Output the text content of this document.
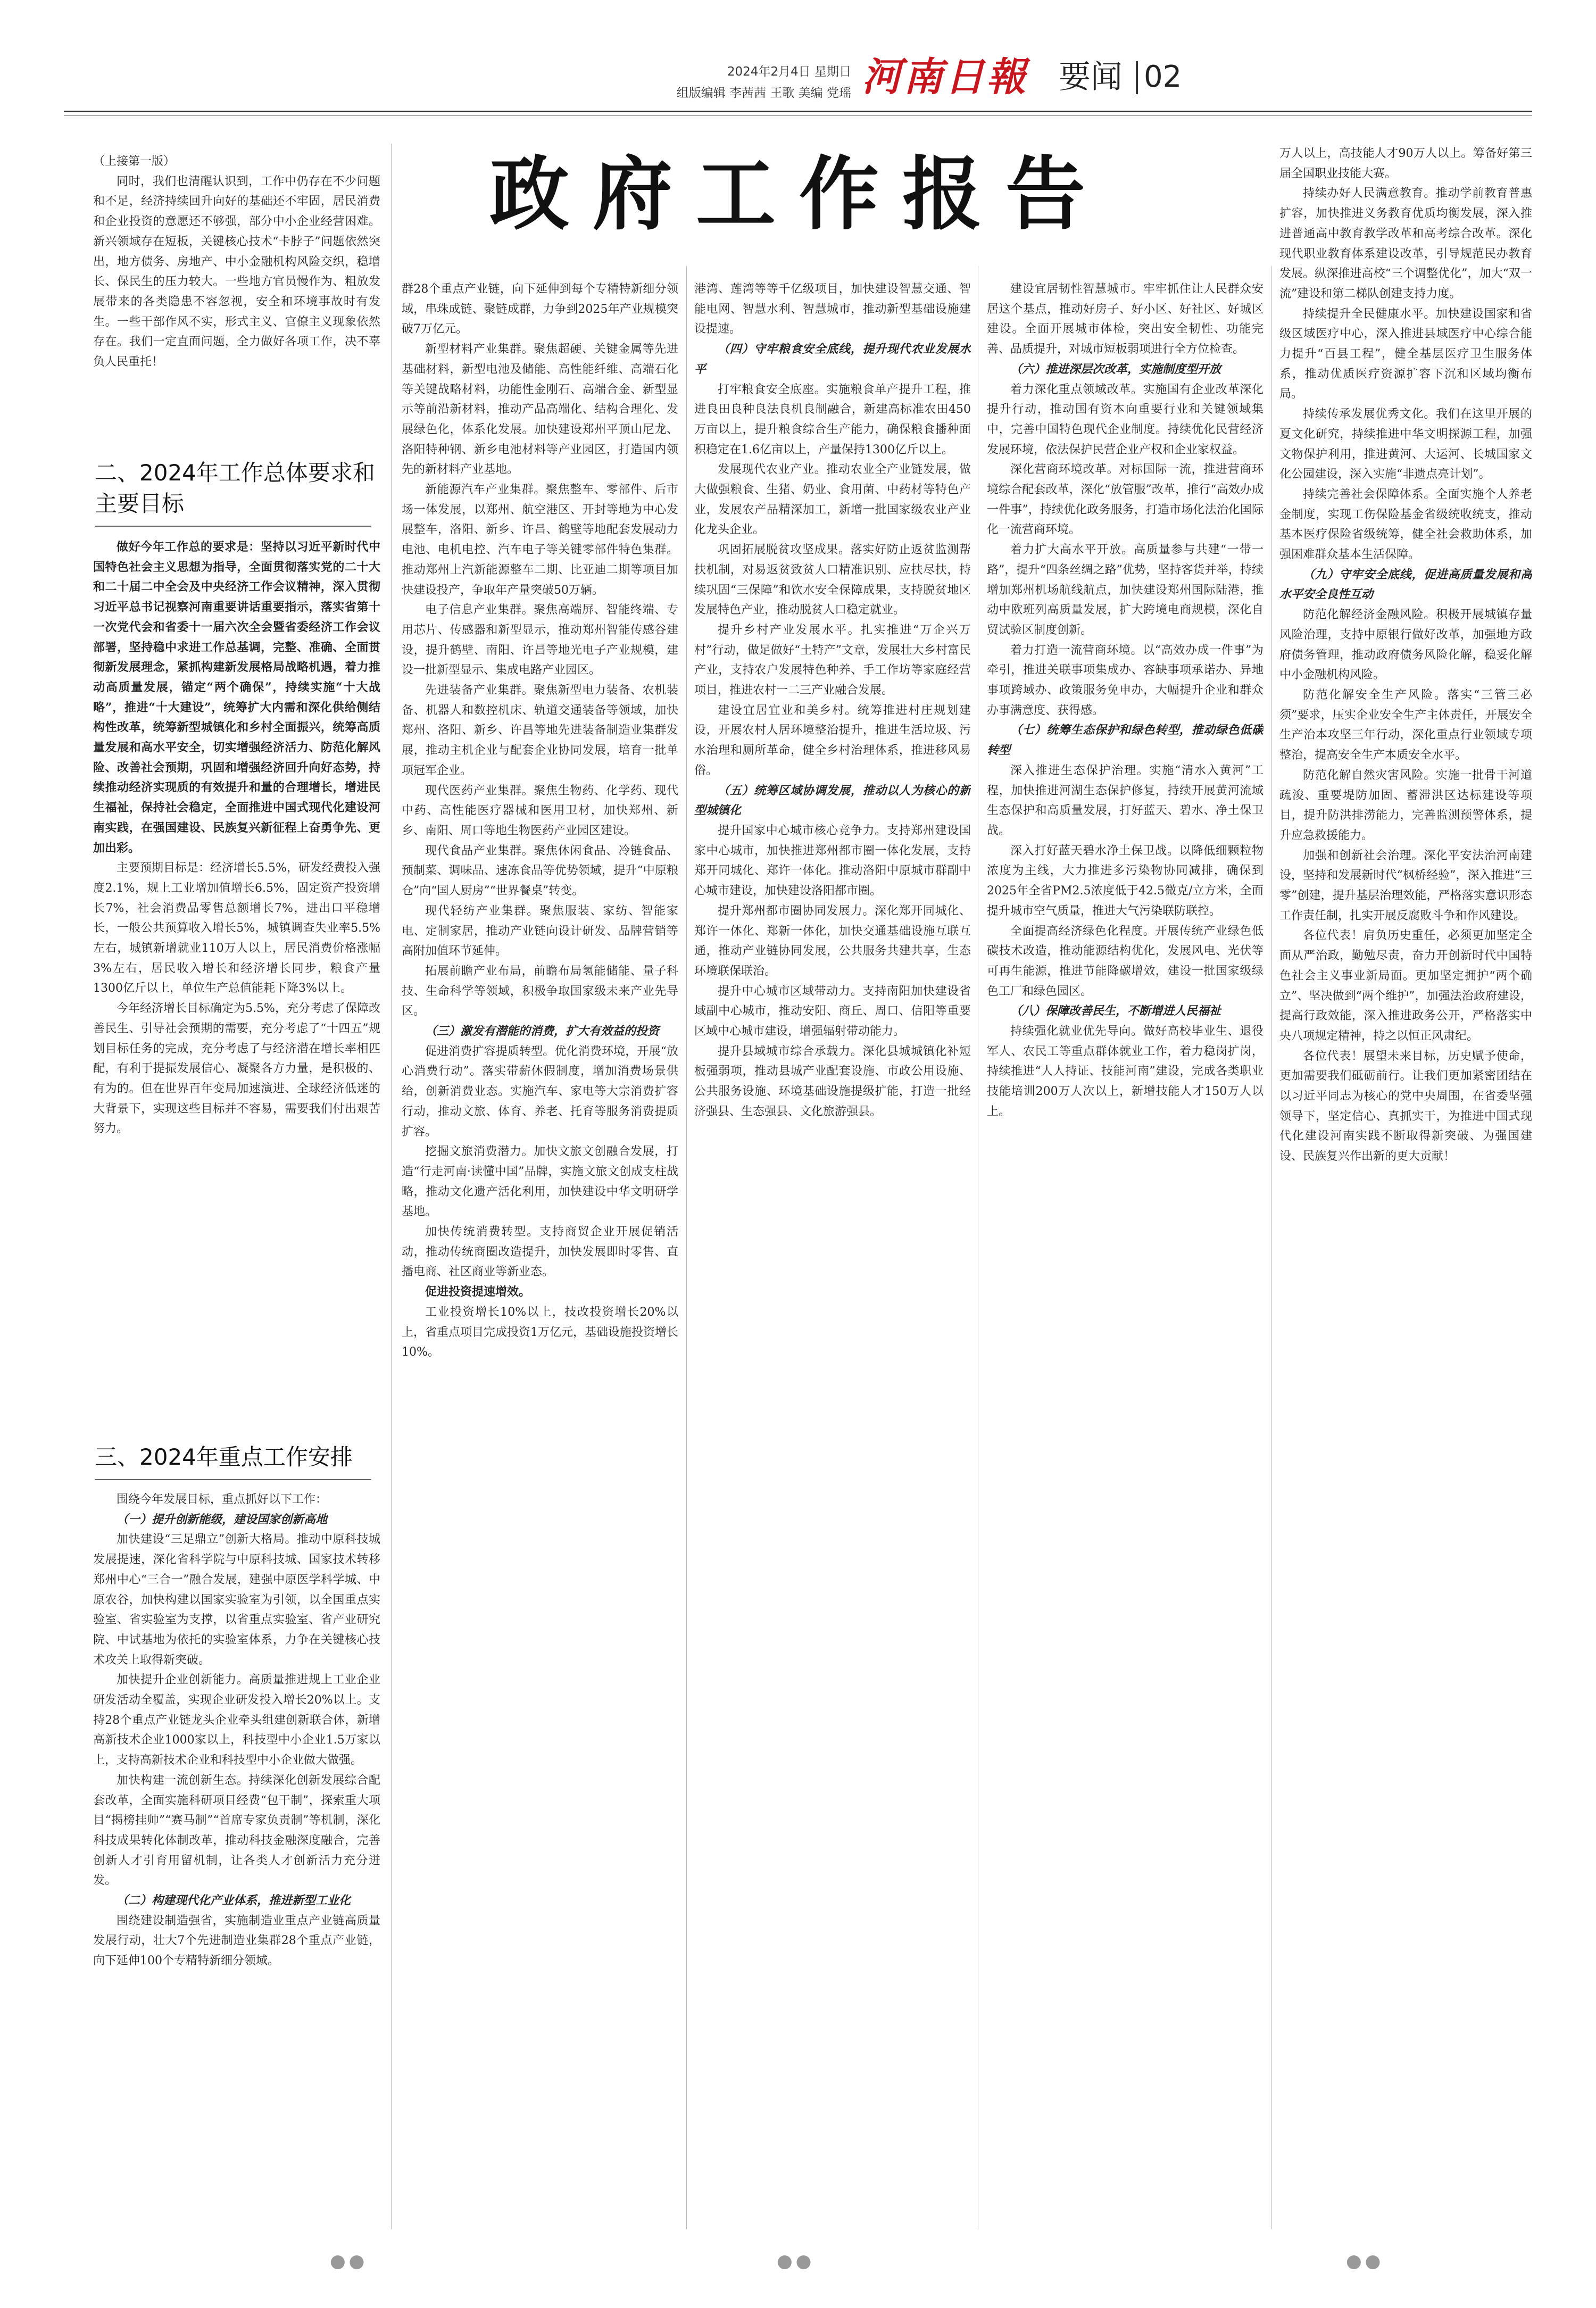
2024年2月4日 星期日
组版编辑 李茜茜 王歌 美编 党瑶 河南日報 要闻 02
政府工作报告

（上接第一版）

同时，我们也清醒认识到，工作中仍存在不少问题和不足，经济持续回升向好的基础还不牢固，居民消费和企业投资的意愿还不够强，部分中小企业经营困难。新兴领域存在短板，关键核心技术“卡脖子”问题依然突出，地方债务、房地产、中小金融机构风险交织，稳增长、保民生的压力较大。一些地方官员慢作为、粗放发展带来的各类隐患不容忽视，安全和环境事故时有发生。一些干部作风不实，形式主义、官僚主义现象依然存在。我们一定直面问题，全力做好各项工作，决不辜负人民重托！

二、2024年工作总体要求和主要目标

做好今年工作总的要求是：坚持以习近平新时代中国特色社会主义思想为指导，全面贯彻落实党的二十大和二十届二中全会及中央经济工作会议精神，深入贯彻习近平总书记视察河南重要讲话重要指示，落实省第十一次党代会和省委十一届六次全会暨省委经济工作会议部署，坚持稳中求进工作总基调，完整、准确、全面贯彻新发展理念，紧抓构建新发展格局战略机遇，着力推动高质量发展，锚定“两个确保”，持续实施“十大战略”，推进“十大建设”，统筹扩大内需和深化供给侧结构性改革，统筹新型城镇化和乡村全面振兴，统筹高质量发展和高水平安全，切实增强经济活力、防范化解风险、改善社会预期，巩固和增强经济回升向好态势，持续推动经济实现质的有效提升和量的合理增长，增进民生福祉，保持社会稳定，全面推进中国式现代化建设河南实践，在强国建设、民族复兴新征程上奋勇争先、更加出彩。

主要预期目标是：经济增长5.5%，研发经费投入强度2.1%，规上工业增加值增长6.5%，固定资产投资增长7%，社会消费品零售总额增长7%，进出口平稳增长，一般公共预算收入增长5%，城镇调查失业率5.5%左右，城镇新增就业110万人以上，居民消费价格涨幅3%左右，居民收入增长和经济增长同步，粮食产量1300亿斤以上，单位生产总值能耗下降3%以上。

今年经济增长目标确定为5.5%，充分考虑了保障改善民生、引导社会预期的需要，充分考虑了“十四五”规划目标任务的完成，充分考虑了与经济潜在增长率相匹配，有利于提振发展信心、凝聚各方力量，是积极的、有为的。但在世界百年变局加速演进、全球经济低迷的大背景下，实现这些目标并不容易，需要我们付出艰苦努力。

三、2024年重点工作安排

围绕今年发展目标，重点抓好以下工作：

（一）提升创新能级，建设国家创新高地

加快建设“三足鼎立”创新大格局。推动中原科技城发展提速，深化省科学院与中原科技城、国家技术转移郑州中心“三合一”融合发展，建强中原医学科学城、中原农谷，加快构建以国家实验室为引领，以全国重点实验室、省实验室为支撑，以省重点实验室、省产业研究院、中试基地为依托的实验室体系，力争在关键核心技术攻关上取得新突破。

加快提升企业创新能力。高质量推进规上工业企业研发活动全覆盖，实现企业研发投入增长20%以上。支持28个重点产业链龙头企业牵头组建创新联合体，新增高新技术企业1000家以上，科技型中小企业1.5万家以上，支持高新技术企业和科技型中小企业做大做强。

加快构建一流创新生态。持续深化创新发展综合配套改革，全面实施科研项目经费“包干制”，探索重大项目“揭榜挂帅”“赛马制”“首席专家负责制”等机制，深化科技成果转化体制改革，推动科技金融深度融合，完善创新人才引育用留机制，让各类人才创新活力充分迸发。

（二）构建现代化产业体系，推进新型工业化

围绕建设制造强省，实施制造业重点产业链高质量发展行动，壮大7个先进制造业集群28个重点产业链，向下延伸100个专精特新细分领域。

群28个重点产业链，向下延伸到每个专精特新细分领域，串珠成链、聚链成群，力争到2025年产业规模突破7万亿元。

新型材料产业集群。聚焦超硬、关键金属等先进基础材料，新型电池及储能、高性能纤维、高端石化等关键战略材料，功能性金刚石、高端合金、新型显示等前沿新材料，推动产品高端化、结构合理化、发展绿色化，体系化发展。加快建设郑州平顶山尼龙、洛阳特种钢、新乡电池材料等产业园区，打造国内领先的新材料产业基地。

新能源汽车产业集群。聚焦整车、零部件、后市场一体发展，以郑州、航空港区、开封等地为中心发展整车，洛阳、新乡、许昌、鹤壁等地配套发展动力电池、电机电控、汽车电子等关键零部件特色集群。推动郑州上汽新能源整车二期、比亚迪二期等项目加快建设投产，争取年产量突破50万辆。

电子信息产业集群。聚焦高端屏、智能终端、专用芯片、传感器和新型显示，推动郑州智能传感谷建设，提升鹤壁、南阳、许昌等地光电子产业规模，建设一批新型显示、集成电路产业园区。

先进装备产业集群。聚焦新型电力装备、农机装备、机器人和数控机床、轨道交通装备等领域，加快郑州、洛阳、新乡、许昌等地先进装备制造业集群发展，推动主机企业与配套企业协同发展，培育一批单项冠军企业。

现代医药产业集群。聚焦生物药、化学药、现代中药、高性能医疗器械和医用卫材，加快郑州、新乡、南阳、周口等地生物医药产业园区建设。

现代食品产业集群。聚焦休闲食品、冷链食品、预制菜、调味品、速冻食品等优势领域，提升“中原粮仓”向“国人厨房”“世界餐桌”转变。

现代轻纺产业集群。聚焦服装、家纺、智能家电、定制家居，推动产业链向设计研发、品牌营销等高附加值环节延伸。

拓展前瞻产业布局，前瞻布局氢能储能、量子科技、生命科学等领域，积极争取国家级未来产业先导区。

（三）激发有潜能的消费，扩大有效益的投资

促进消费扩容提质转型。优化消费环境，开展“放心消费行动”。落实带薪休假制度，增加消费场景供给，创新消费业态。实施汽车、家电等大宗消费扩容行动，推动文旅、体育、养老、托育等服务消费提质扩容。

挖掘文旅消费潜力。加快文旅文创融合发展，打造“行走河南·读懂中国”品牌，实施文旅文创成支柱战略，推动文化遗产活化利用，加快建设中华文明研学基地。

加快传统消费转型。支持商贸企业开展促销活动，推动传统商圈改造提升，加快发展即时零售、直播电商、社区商业等新业态。

促进投资提速增效。

工业投资增长10%以上，技改投资增长20%以上，省重点项目完成投资1万亿元，基础设施投资增长10%。

港湾、莲湾等等千亿级项目，加快建设智慧交通、智能电网、智慧水利、智慧城市，推动新型基础设施建设提速。

（四）守牢粮食安全底线，提升现代农业发展水平

打牢粮食安全底座。实施粮食单产提升工程，推进良田良种良法良机良制融合，新建高标准农田450万亩以上，提升粮食综合生产能力，确保粮食播种面积稳定在1.6亿亩以上，产量保持1300亿斤以上。

发展现代农业产业。推动农业全产业链发展，做大做强粮食、生猪、奶业、食用菌、中药材等特色产业，发展农产品精深加工，新增一批国家级农业产业化龙头企业。

巩固拓展脱贫攻坚成果。落实好防止返贫监测帮扶机制，对易返贫致贫人口精准识别、应扶尽扶，持续巩固“三保障”和饮水安全保障成果，支持脱贫地区发展特色产业，推动脱贫人口稳定就业。

提升乡村产业发展水平。扎实推进“万企兴万村”行动，做足做好“土特产”文章，发展壮大乡村富民产业，支持农户发展特色种养、手工作坊等家庭经营项目，推进农村一二三产业融合发展。

建设宜居宜业和美乡村。统筹推进村庄规划建设，开展农村人居环境整治提升，推进生活垃圾、污水治理和厕所革命，健全乡村治理体系，推进移风易俗。

（五）统筹区域协调发展，推动以人为核心的新型城镇化

提升国家中心城市核心竞争力。支持郑州建设国家中心城市，加快推进郑州都市圈一体化发展，支持郑开同城化、郑许一体化。推动洛阳中原城市群副中心城市建设，加快建设洛阳都市圈。

提升郑州都市圈协同发展力。深化郑开同城化、郑许一体化、郑新一体化，加快交通基础设施互联互通，推动产业链协同发展，公共服务共建共享，生态环境联保联治。

提升中心城市区域带动力。支持南阳加快建设省域副中心城市，推动安阳、商丘、周口、信阳等重要区域中心城市建设，增强辐射带动能力。

提升县域城市综合承载力。深化县城城镇化补短板强弱项，推动县城产业配套设施、市政公用设施、公共服务设施、环境基础设施提级扩能，打造一批经济强县、生态强县、文化旅游强县。

建设宜居韧性智慧城市。牢牢抓住让人民群众安居这个基点，推动好房子、好小区、好社区、好城区建设。全面开展城市体检，突出安全韧性、功能完善、品质提升，对城市短板弱项进行全方位检查。

（六）推进深层次改革，实施制度型开放

着力深化重点领域改革。实施国有企业改革深化提升行动，推动国有资本向重要行业和关键领域集中，完善中国特色现代企业制度。持续优化民营经济发展环境，依法保护民营企业产权和企业家权益。

深化营商环境改革。对标国际一流，推进营商环境综合配套改革，深化“放管服”改革，推行“高效办成一件事”，持续优化政务服务，打造市场化法治化国际化一流营商环境。

着力扩大高水平开放。高质量参与共建“一带一路”，提升“四条丝绸之路”优势，坚持客货并举，持续增加郑州机场航线航点，加快建设郑州国际陆港，推动中欧班列高质量发展，扩大跨境电商规模，深化自贸试验区制度创新。

着力打造一流营商环境。以“高效办成一件事”为牵引，推进关联事项集成办、容缺事项承诺办、异地事项跨域办、政策服务免申办，大幅提升企业和群众办事满意度、获得感。

（七）统筹生态保护和绿色转型，推动绿色低碳转型

深入推进生态保护治理。实施“清水入黄河”工程，加快推进河湖生态保护修复，持续开展黄河流域生态保护和高质量发展，打好蓝天、碧水、净土保卫战。

深入打好蓝天碧水净土保卫战。以降低细颗粒物浓度为主线，大力推进多污染物协同减排，确保到2025年全省PM2.5浓度低于42.5微克/立方米，全面提升城市空气质量，推进大气污染联防联控。

全面提高经济绿色化程度。开展传统产业绿色低碳技术改造，推动能源结构优化，发展风电、光伏等可再生能源，推进节能降碳增效，建设一批国家级绿色工厂和绿色园区。

（八）保障改善民生，不断增进人民福祉

持续强化就业优先导向。做好高校毕业生、退役军人、农民工等重点群体就业工作，着力稳岗扩岗，持续推进“人人持证、技能河南”建设，完成各类职业技能培训200万人次以上，新增技能人才150万人以上。

万人以上，高技能人才90万人以上。筹备好第三届全国职业技能大赛。

持续办好人民满意教育。推动学前教育普惠扩容，加快推进义务教育优质均衡发展，深入推进普通高中教育教学改革和高考综合改革。深化现代职业教育体系建设改革，引导规范民办教育发展。纵深推进高校“三个调整优化”，加大“双一流”建设和第二梯队创建支持力度。

持续提升全民健康水平。加快建设国家和省级区域医疗中心，深入推进县域医疗中心综合能力提升“百县工程”，健全基层医疗卫生服务体系，推动优质医疗资源扩容下沉和区域均衡布局。

持续传承发展优秀文化。我们在这里开展的夏文化研究，持续推进中华文明探源工程，加强文物保护利用，推进黄河、大运河、长城国家文化公园建设，深入实施“非遗点亮计划”。

持续完善社会保障体系。全面实施个人养老金制度，实现工伤保险基金省级统收统支，推动基本医疗保险省级统筹，健全社会救助体系，加强困难群众基本生活保障。

（九）守牢安全底线，促进高质量发展和高水平安全良性互动

防范化解经济金融风险。积极开展城镇存量风险治理，支持中原银行做好改革，加强地方政府债务管理，推动政府债务风险化解，稳妥化解中小金融机构风险。

防范化解安全生产风险。落实“三管三必须”要求，压实企业安全生产主体责任，开展安全生产治本攻坚三年行动，深化重点行业领域专项整治，提高安全生产本质安全水平。

防范化解自然灾害风险。实施一批骨干河道疏浚、重要堤防加固、蓄滞洪区达标建设等项目，提升防洪排涝能力，完善监测预警体系，提升应急救援能力。

加强和创新社会治理。深化平安法治河南建设，坚持和发展新时代“枫桥经验”，深入推进“三零”创建，提升基层治理效能，严格落实意识形态工作责任制，扎实开展反腐败斗争和作风建设。

各位代表！肩负历史重任，必须更加坚定全面从严治政，勤勉尽责，奋力开创新时代中国特色社会主义事业新局面。更加坚定拥护“两个确立”、坚决做到“两个维护”，加强法治政府建设，提高行政效能，深入推进政务公开，严格落实中央八项规定精神，持之以恒正风肃纪。

各位代表！展望未来目标，历史赋予使命，更加需要我们砥砺前行。让我们更加紧密团结在以习近平同志为核心的党中央周围，在省委坚强领导下，坚定信心、真抓实干，为推进中国式现代化建设河南实践不断取得新突破、为强国建设、民族复兴作出新的更大贡献！

●●	●●	●●
